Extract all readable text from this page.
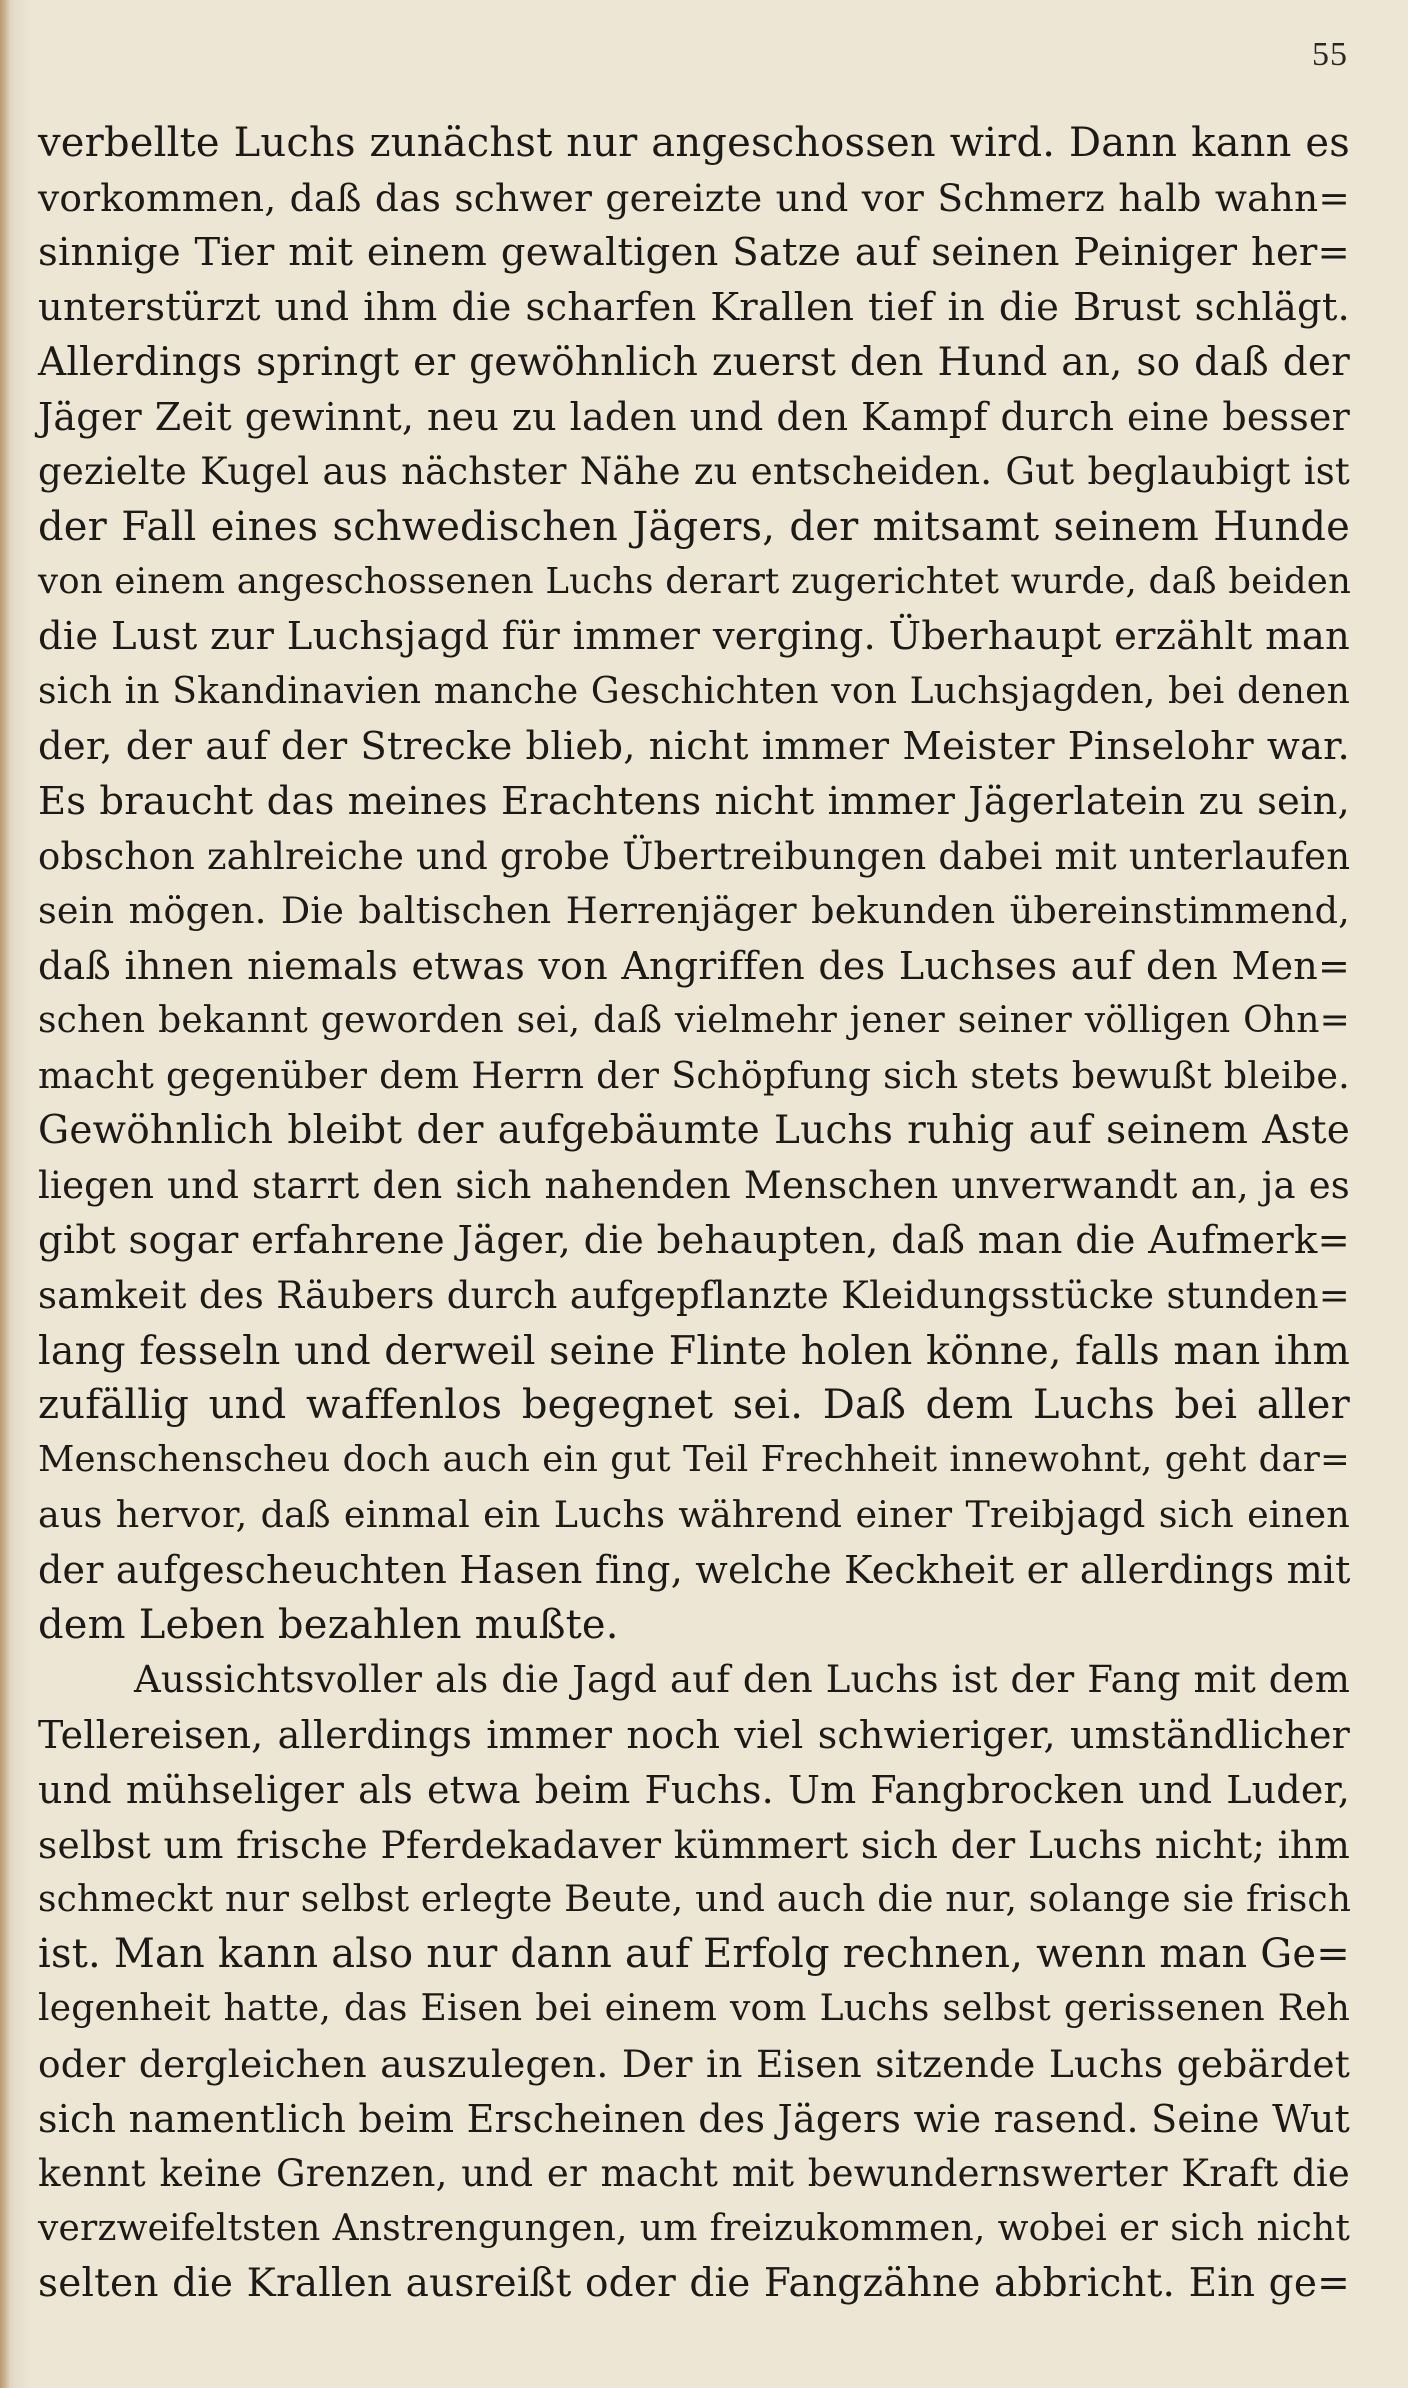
55
verbellte Luchs zunächst nur angeschossen wird. Dann kann es
vorkommen, daß das schwer gereizte und vor Schmerz halb wahn=
sinnige Tier mit einem gewaltigen Satze auf seinen Peiniger her=
unterstürzt und ihm die scharfen Krallen tief in die Brust schlägt.
Allerdings springt er gewöhnlich zuerst den Hund an, so daß der
Jäger Zeit gewinnt, neu zu laden und den Kampf durch eine besser
gezielte Kugel aus nächster Nähe zu entscheiden. Gut beglaubigt ist
der Fall eines schwedischen Jägers, der mitsamt seinem Hunde
von einem angeschossenen Luchs derart zugerichtet wurde, daß beiden
die Lust zur Luchsjagd für immer verging. Überhaupt erzählt man
sich in Skandinavien manche Geschichten von Luchsjagden, bei denen
der, der auf der Strecke blieb, nicht immer Meister Pinselohr war.
Es braucht das meines Erachtens nicht immer Jägerlatein zu sein,
obschon zahlreiche und grobe Übertreibungen dabei mit unterlaufen
sein mögen. Die baltischen Herrenjäger bekunden übereinstimmend,
daß ihnen niemals etwas von Angriffen des Luchses auf den Men=
schen bekannt geworden sei, daß vielmehr jener seiner völligen Ohn=
macht gegenüber dem Herrn der Schöpfung sich stets bewußt bleibe.
Gewöhnlich bleibt der aufgebäumte Luchs ruhig auf seinem Aste
liegen und starrt den sich nahenden Menschen unverwandt an, ja es
gibt sogar erfahrene Jäger, die behaupten, daß man die Aufmerk=
samkeit des Räubers durch aufgepflanzte Kleidungsstücke stunden=
lang fesseln und derweil seine Flinte holen könne, falls man ihm
zufällig und waffenlos begegnet sei. Daß dem Luchs bei aller
Menschenscheu doch auch ein gut Teil Frechheit innewohnt, geht dar=
aus hervor, daß einmal ein Luchs während einer Treibjagd sich einen
der aufgescheuchten Hasen fing, welche Keckheit er allerdings mit
dem Leben bezahlen mußte.
Aussichtsvoller als die Jagd auf den Luchs ist der Fang mit dem
Tellereisen, allerdings immer noch viel schwieriger, umständlicher
und mühseliger als etwa beim Fuchs. Um Fangbrocken und Luder,
selbst um frische Pferdekadaver kümmert sich der Luchs nicht; ihm
schmeckt nur selbst erlegte Beute, und auch die nur, solange sie frisch
ist. Man kann also nur dann auf Erfolg rechnen, wenn man Ge=
legenheit hatte, das Eisen bei einem vom Luchs selbst gerissenen Reh
oder dergleichen auszulegen. Der in Eisen sitzende Luchs gebärdet
sich namentlich beim Erscheinen des Jägers wie rasend. Seine Wut
kennt keine Grenzen, und er macht mit bewundernswerter Kraft die
verzweifeltsten Anstrengungen, um freizukommen, wobei er sich nicht
selten die Krallen ausreißt oder die Fangzähne abbricht. Ein ge=
